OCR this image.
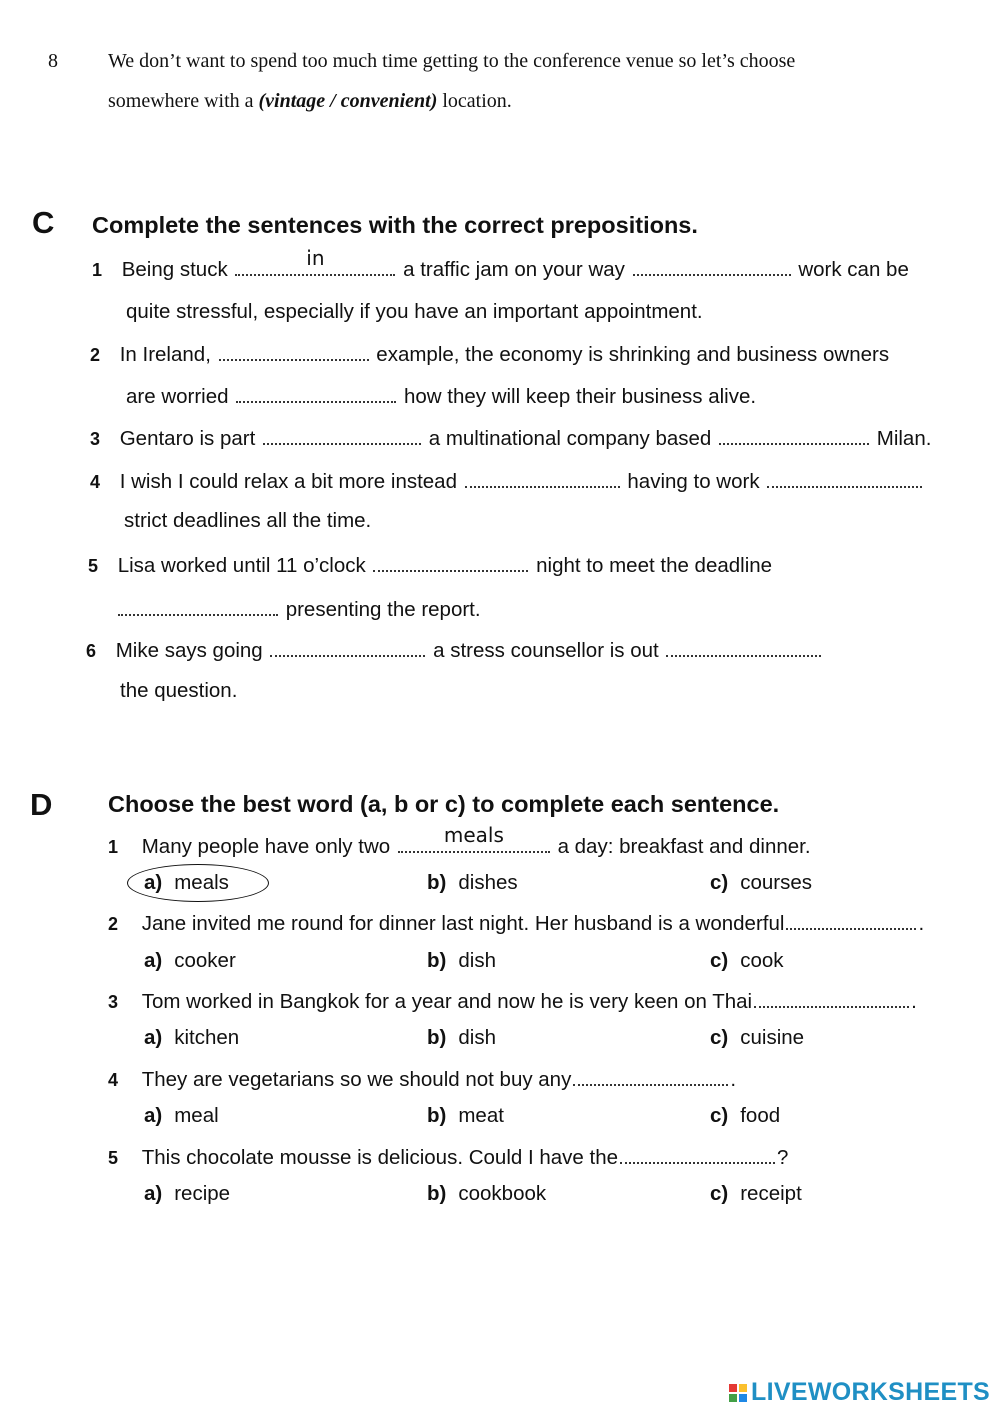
8	We don’t want to spend too much time getting to the conference venue so let’s choose
somewhere with a (vintage / convenient) location.
C Complete the sentences with the correct prepositions.
1 Being stuck	in	a traffic jam on your way	work can be
quite stressful, especially if you have an important appointment.
2 In Ireland,	example, the economy is shrinking and business owners
are worried	how they will keep their business alive.
3 Gentaro is part	a multinational company based	Milan.
4 I wish I could relax a bit more instead	having to work
strict deadlines all the time.
5 Lisa worked until 11 o’clock	night to meet the deadline
presenting the report.
6 Mike says going	a stress counsellor is out
the question.
D Choose the best word (a, b or c) to complete each sentence.
1 Many people have only two	meals	a day: breakfast and dinner.
a) meals	b) dishes	c) courses
2 Jane invited me round for dinner last night. Her husband is a wonderful	.
a) cooker	b) dish	c) cook
3 Tom worked in Bangkok for a year and now he is very keen on Thai	.
a) kitchen	b) dish	c) cuisine
4 They are vegetarians so we should not buy any	.
a) meal	b) meat	c) food
5 This chocolate mousse is delicious. Could I have the	?
a) recipe	b) cookbook	c) receipt
LIVEWORKSHEETS
